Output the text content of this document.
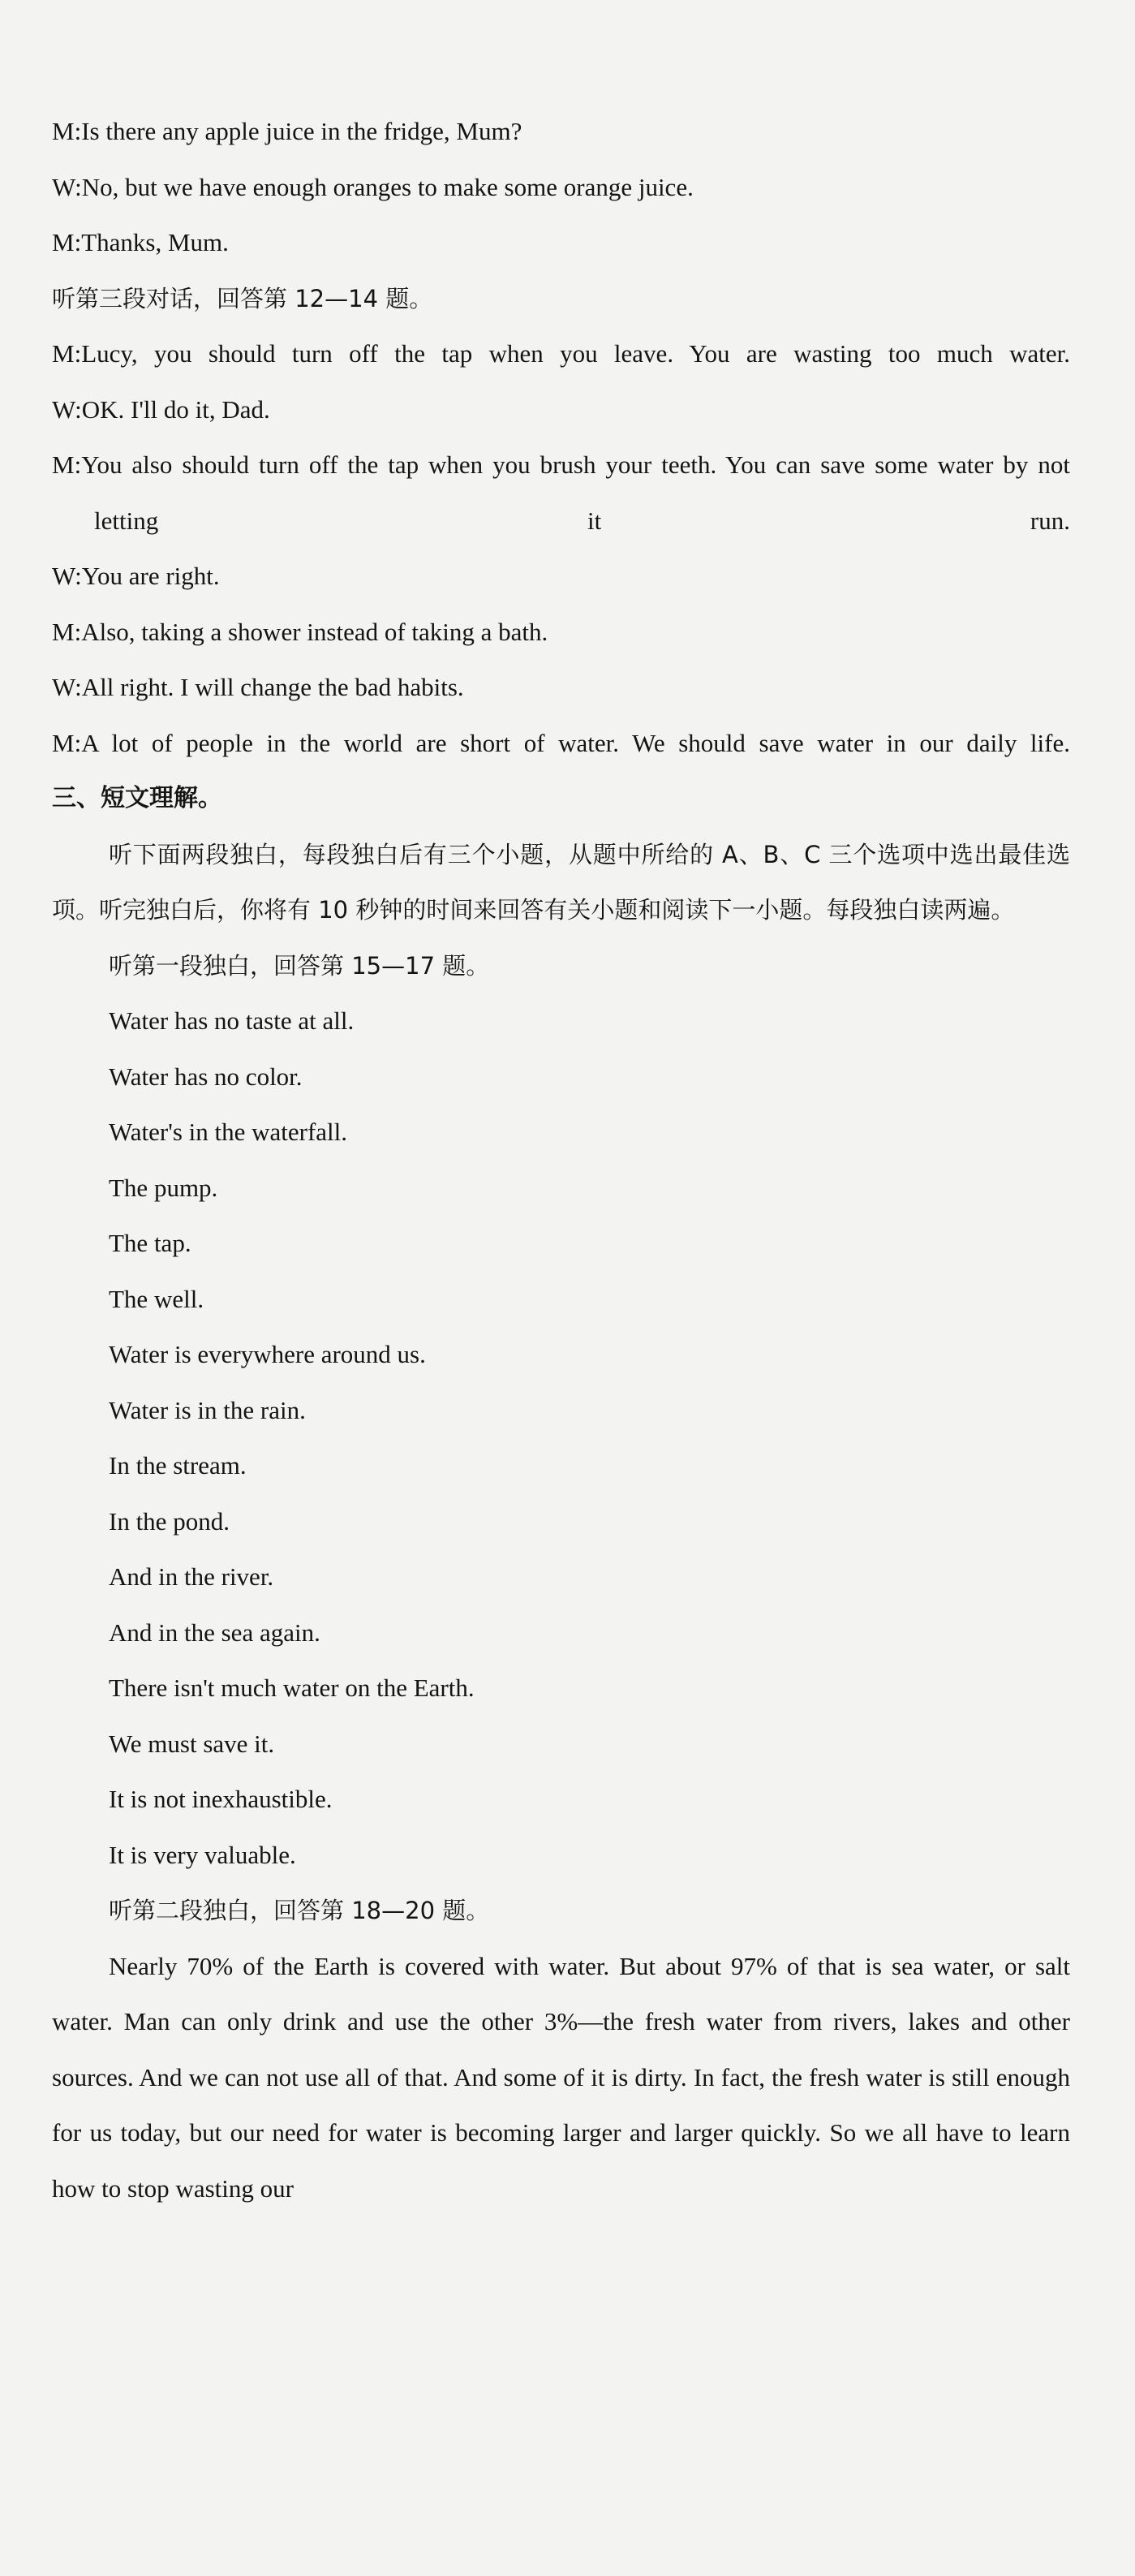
M:Is there any apple juice in the fridge, Mum?

W:No, but we have enough oranges to make some orange juice.

M:Thanks, Mum.

听第三段对话，回答第 12—14 题。

M:Lucy, you should turn off the tap when you leave. You are wasting too much water.

W:OK. I'll do it, Dad.

M:You also should turn off the tap when you brush your teeth. You can save some water by not letting it run.

W:You are right.

M:Also, taking a shower instead of taking a bath.

W:All right. I will change the bad habits.

M:A lot of people in the world are short of water. We should save water in our daily life.

三、短文理解。

听下面两段独白，每段独白后有三个小题，从题中所给的 A、B、C 三个选项中选出最佳选项。听完独白后，你将有 10 秒钟的时间来回答有关小题和阅读下一小题。每段独白读两遍。

听第一段独白，回答第 15—17 题。

Water has no taste at all.

Water has no color.

Water's in the waterfall.

The pump.

The tap.

The well.

Water is everywhere around us.

Water is in the rain.

In the stream.

In the pond.

And in the river.

And in the sea again.

There isn't much water on the Earth.

We must save it.

It is not inexhaustible.

It is very valuable.

听第二段独白，回答第 18—20 题。

Nearly 70% of the Earth is covered with water. But about 97% of that is sea water, or salt water. Man can only drink and use the other 3%—the fresh water from rivers, lakes and other sources. And we can not use all of that. And some of it is dirty. In fact, the fresh water is still enough for us today, but our need for water is becoming larger and larger quickly. So we all have to learn how to stop wasting our
